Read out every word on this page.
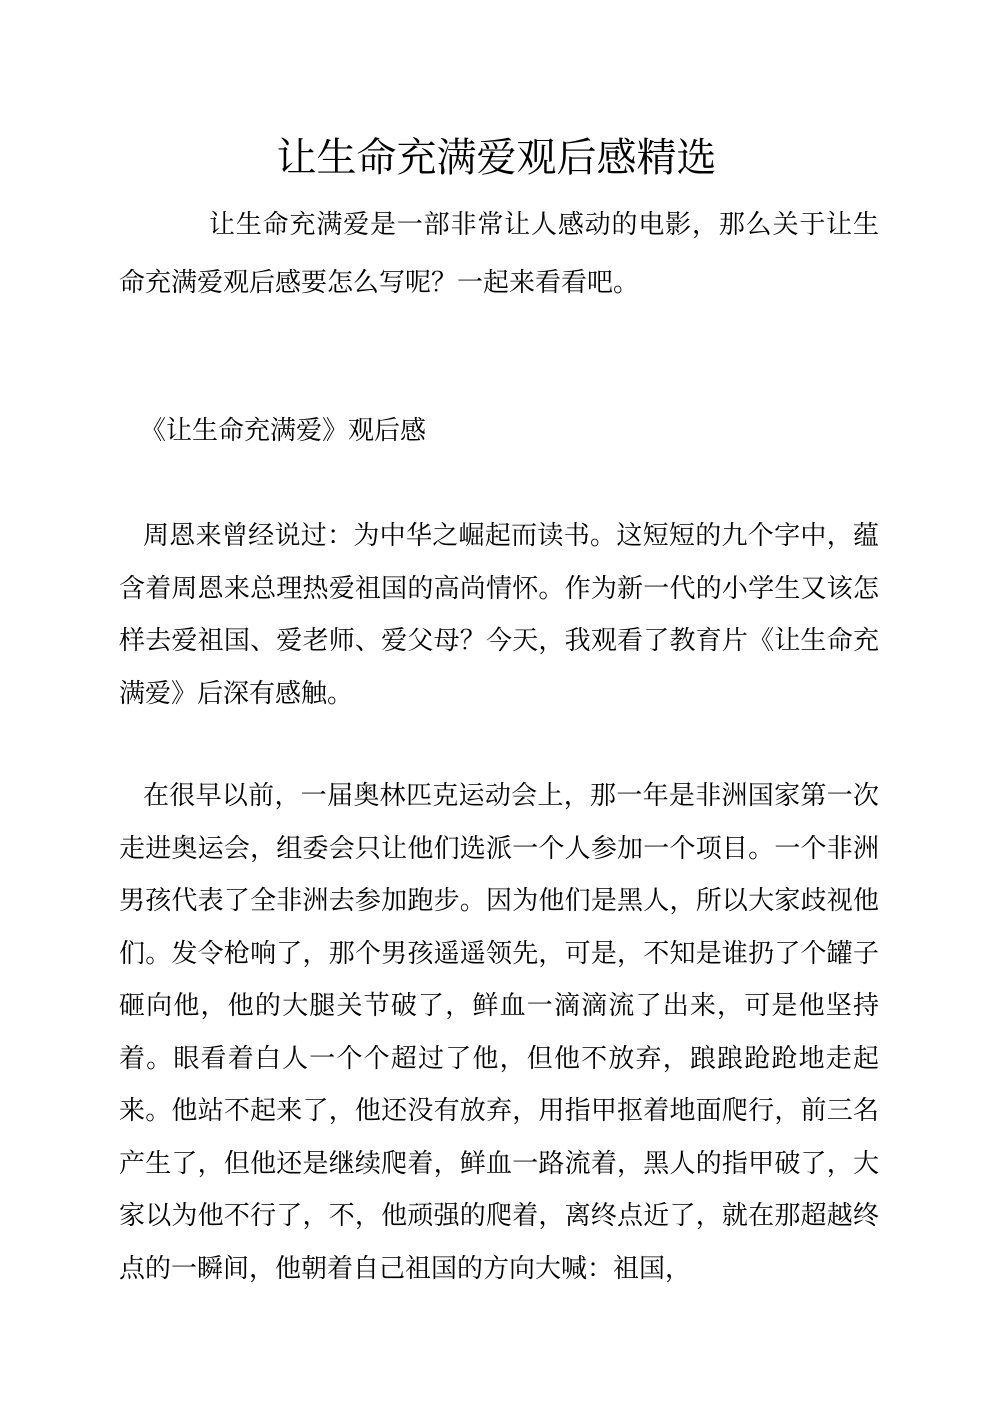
让生命充满爱观后感精选

让生命充满爱是一部非常让人感动的电影，那么关于让生命充满爱观后感要怎么写呢？一起来看看吧。

《让生命充满爱》观后感

周恩来曾经说过：为中华之崛起而读书。这短短的九个字中，蕴含着周恩来总理热爱祖国的高尚情怀。作为新一代的小学生又该怎样去爱祖国、爱老师、爱父母？今天，我观看了教育片《让生命充满爱》后深有感触。

在很早以前，一届奥林匹克运动会上，那一年是非洲国家第一次走进奥运会，组委会只让他们选派一个人参加一个项目。一个非洲男孩代表了全非洲去参加跑步。因为他们是黑人，所以大家歧视他们。发令枪响了，那个男孩遥遥领先，可是，不知是谁扔了个罐子砸向他，他的大腿关节破了，鲜血一滴滴流了出来，可是他坚持着。眼看着白人一个个超过了他，但他不放弃，踉踉跄跄地走起来。他站不起来了，他还没有放弃，用指甲抠着地面爬行，前三名产生了，但他还是继续爬着，鲜血一路流着，黑人的指甲破了，大家以为他不行了，不，他顽强的爬着，离终点近了，就在那超越终点的一瞬间，他朝着自己祖国的方向大喊：祖国，
